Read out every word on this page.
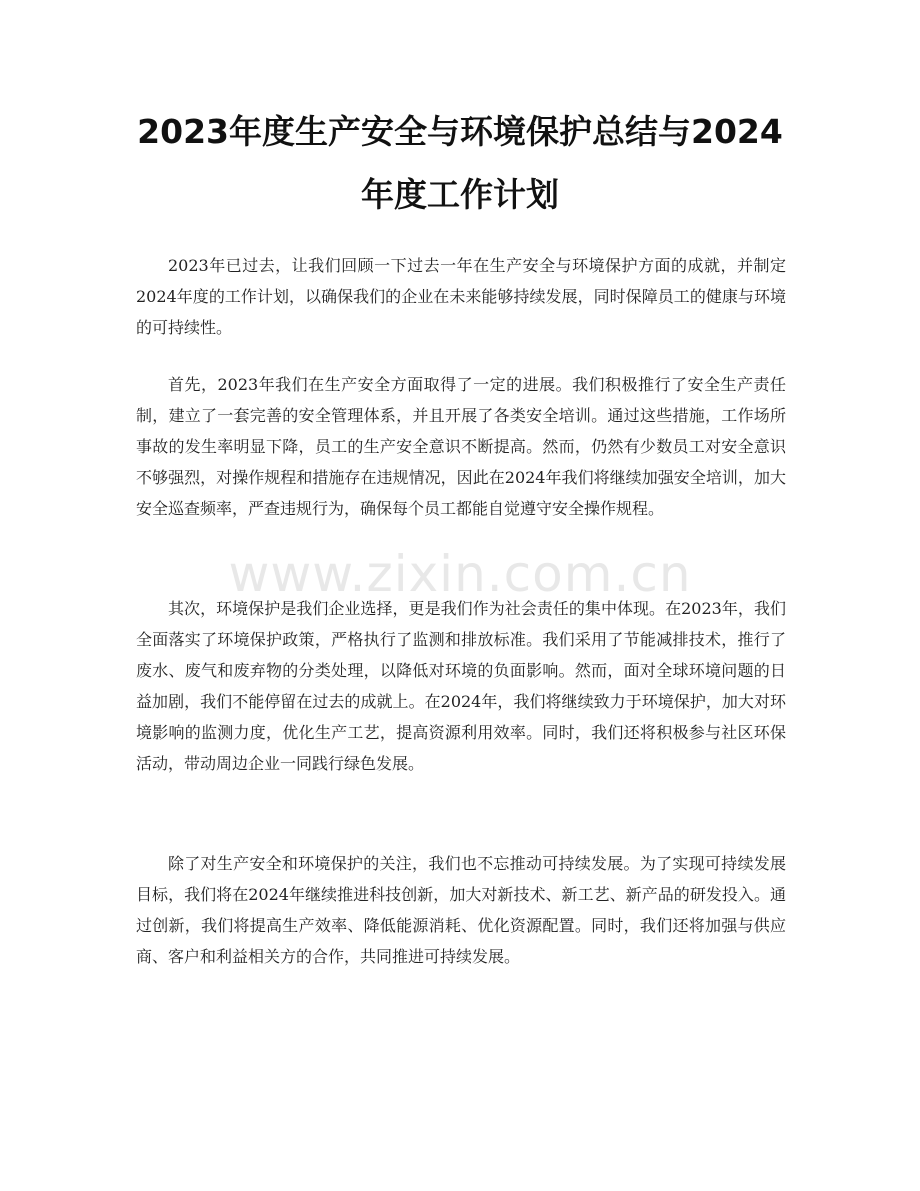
2023年度生产安全与环境保护总结与2024
年度工作计划

2023年已过去，让我们回顾一下过去一年在生产安全与环境保护方面的成就，并制定2024年度的工作计划，以确保我们的企业在未来能够持续发展，同时保障员工的健康与环境的可持续性。

首先，2023年我们在生产安全方面取得了一定的进展。我们积极推行了安全生产责任制，建立了一套完善的安全管理体系，并且开展了各类安全培训。通过这些措施，工作场所事故的发生率明显下降，员工的生产安全意识不断提高。然而，仍然有少数员工对安全意识不够强烈，对操作规程和措施存在违规情况，因此在2024年我们将继续加强安全培训，加大安全巡查频率，严查违规行为，确保每个员工都能自觉遵守安全操作规程。

其次，环境保护是我们企业选择，更是我们作为社会责任的集中体现。在2023年，我们全面落实了环境保护政策，严格执行了监测和排放标准。我们采用了节能减排技术，推行了废水、废气和废弃物的分类处理，以降低对环境的负面影响。然而，面对全球环境问题的日益加剧，我们不能停留在过去的成就上。在2024年，我们将继续致力于环境保护，加大对环境影响的监测力度，优化生产工艺，提高资源利用效率。同时，我们还将积极参与社区环保活动，带动周边企业一同践行绿色发展。

除了对生产安全和环境保护的关注，我们也不忘推动可持续发展。为了实现可持续发展目标，我们将在2024年继续推进科技创新，加大对新技术、新工艺、新产品的研发投入。通过创新，我们将提高生产效率、降低能源消耗、优化资源配置。同时，我们还将加强与供应商、客户和利益相关方的合作，共同推进可持续发展。

www.zixin.com.cn
